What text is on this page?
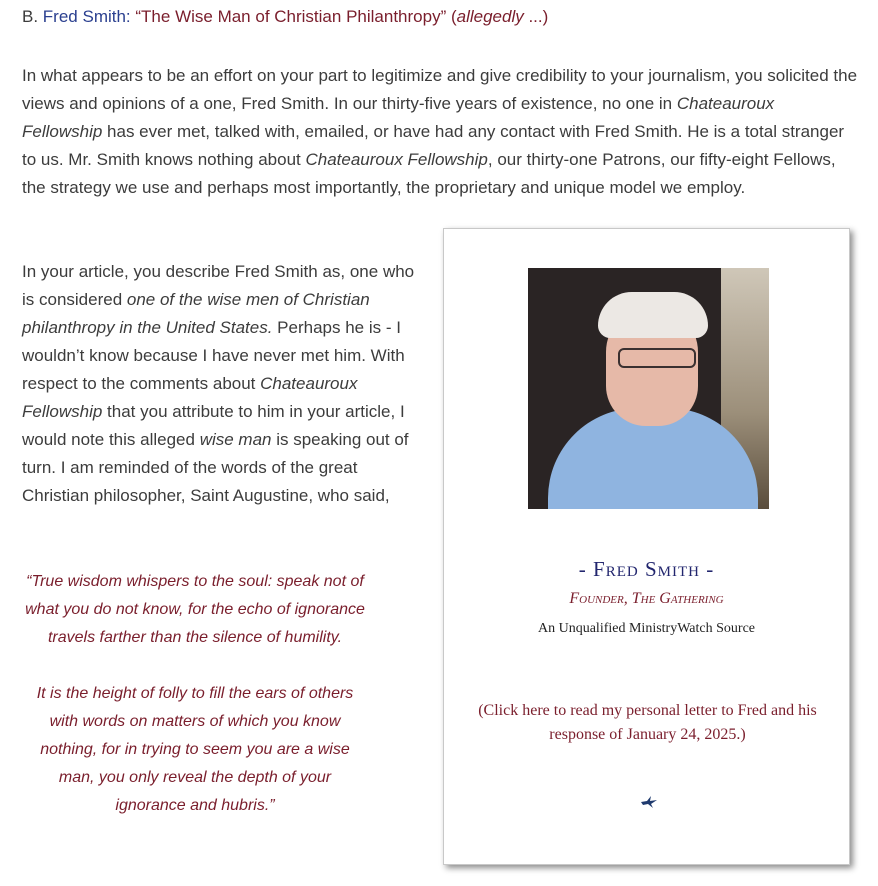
B. Fred Smith: “The Wise Man of Christian Philanthropy” (allegedly ...)

In what appears to be an effort on your part to legitimize and give credibility to your journalism, you solicited the views and opinions of a one, Fred Smith. In our thirty-five years of existence, no one in Chateauroux Fellowship has ever met, talked with, emailed, or have had any contact with Fred Smith. He is a total stranger to us. Mr. Smith knows nothing about Chateauroux Fellowship, our thirty-one Patrons, our fifty-eight Fellows, the strategy we use and perhaps most importantly, the proprietary and unique model we employ.

In your article, you describe Fred Smith as, one who is considered one of the wise men of Christian philanthropy in the United States. Perhaps he is - I wouldn’t know because I have never met him. With respect to the comments about Chateauroux Fellowship that you attribute to him in your article, I would note this alleged wise man is speaking out of turn. I am reminded of the words of the great Christian philosopher, Saint Augustine, who said,

“True wisdom whispers to the soul: speak not of what you do not know, for the echo of ignorance travels farther than the silence of humility.

It is the height of folly to fill the ears of others with words on matters of which you know nothing, for in trying to seem you are a wise man, you only reveal the depth of your ignorance and hubris.”

- Fred Smith -
Founder, The Gathering
An Unqualified MinistryWatch Source
(Click here to read my personal letter to Fred and his response of January 24, 2025.)
